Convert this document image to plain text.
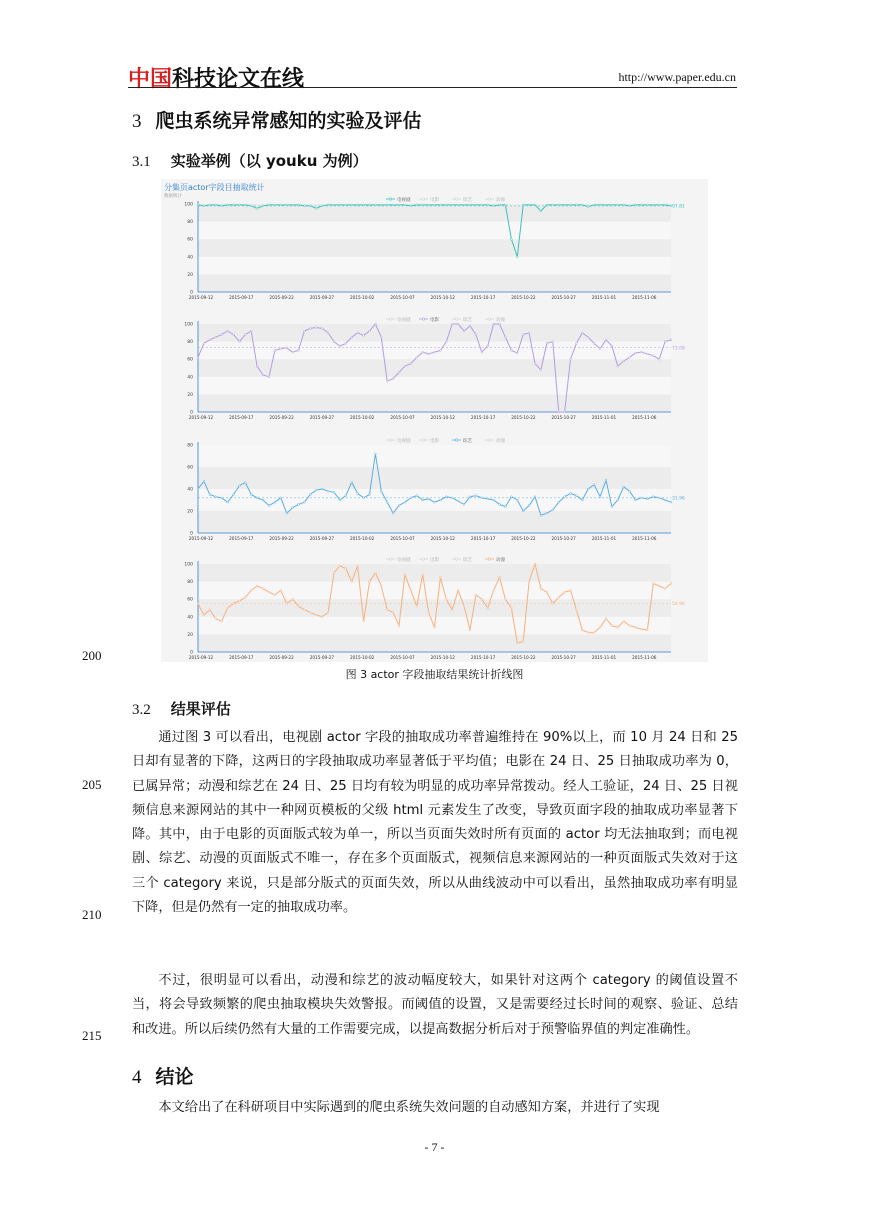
中国科技论文在线	http://www.paper.edu.cn
3 爬虫系统异常感知的实验及评估
3.1 实验举例（以 youku 为例）
分集页actor字段目抽取统计
数据统计
电视剧	电影	综艺	动漫
0
20
40
60
80
100
2015-09-12	2015-09-17	2015-09-22	2015-09-27	2015-10-02	2015-10-07	2015-10-12	2015-10-17	2015-10-22	2015-10-27	2015-11-01	2015-11-06
97.81
电视剧	电影	综艺	动漫
0
20
40
60
80
100
2015-09-12	2015-09-17	2015-09-22	2015-09-27	2015-10-02	2015-10-07	2015-10-12	2015-10-17	2015-10-22	2015-10-27	2015-11-01	2015-11-06
73.08
电视剧	电影	综艺	动漫
0
20
40
60
80
2015-09-12	2015-09-17	2015-09-22	2015-09-27	2015-10-02	2015-10-07	2015-10-12	2015-10-17	2015-10-22	2015-10-27	2015-11-01	2015-11-06
31.96
电视剧	电影	综艺	动漫
0
20
40
60
80
100
2015-09-12	2015-09-17	2015-09-22	2015-09-27	2015-10-02	2015-10-07	2015-10-12	2015-10-17	2015-10-22	2015-10-27	2015-11-01	2015-11-06
54.96
200
图 3 actor 字段抽取结果统计折线图
3.2 结果评估

通过图 3 可以看出，电视剧 actor 字段的抽取成功率普遍维持在 90%以上，而 10 月 24 日和 25 日却有显著的下降，这两日的字段抽取成功率显著低于平均值；电影在 24 日、25 日抽取成功率为 0，已属异常；动漫和综艺在 24 日、25 日均有较为明显的成功率异常拨动。经人工验证，24 日、25 日视频信息来源网站的其中一种网页模板的父级 html 元素发生了改变，导致页面字段的抽取成功率显著下降。其中，由于电影的页面版式较为单一，所以当页面失效时所有页面的 actor 均无法抽取到；而电视剧、综艺、动漫的页面版式不唯一，存在多个页面版式，视频信息来源网站的一种页面版式失效对于这三个 category 来说，只是部分版式的页面失效，所以从曲线波动中可以看出，虽然抽取成功率有明显下降，但是仍然有一定的抽取成功率。

205
210

不过，很明显可以看出，动漫和综艺的波动幅度较大，如果针对这两个 category 的阈值设置不当，将会导致频繁的爬虫抽取模块失效警报。而阈值的设置，又是需要经过长时间的观察、验证、总结和改进。所以后续仍然有大量的工作需要完成，以提高数据分析后对于预警临界值的判定准确性。

215
4 结论

本文给出了在科研项目中实际遇到的爬虫系统失效问题的自动感知方案，并进行了实现

- 7 -
